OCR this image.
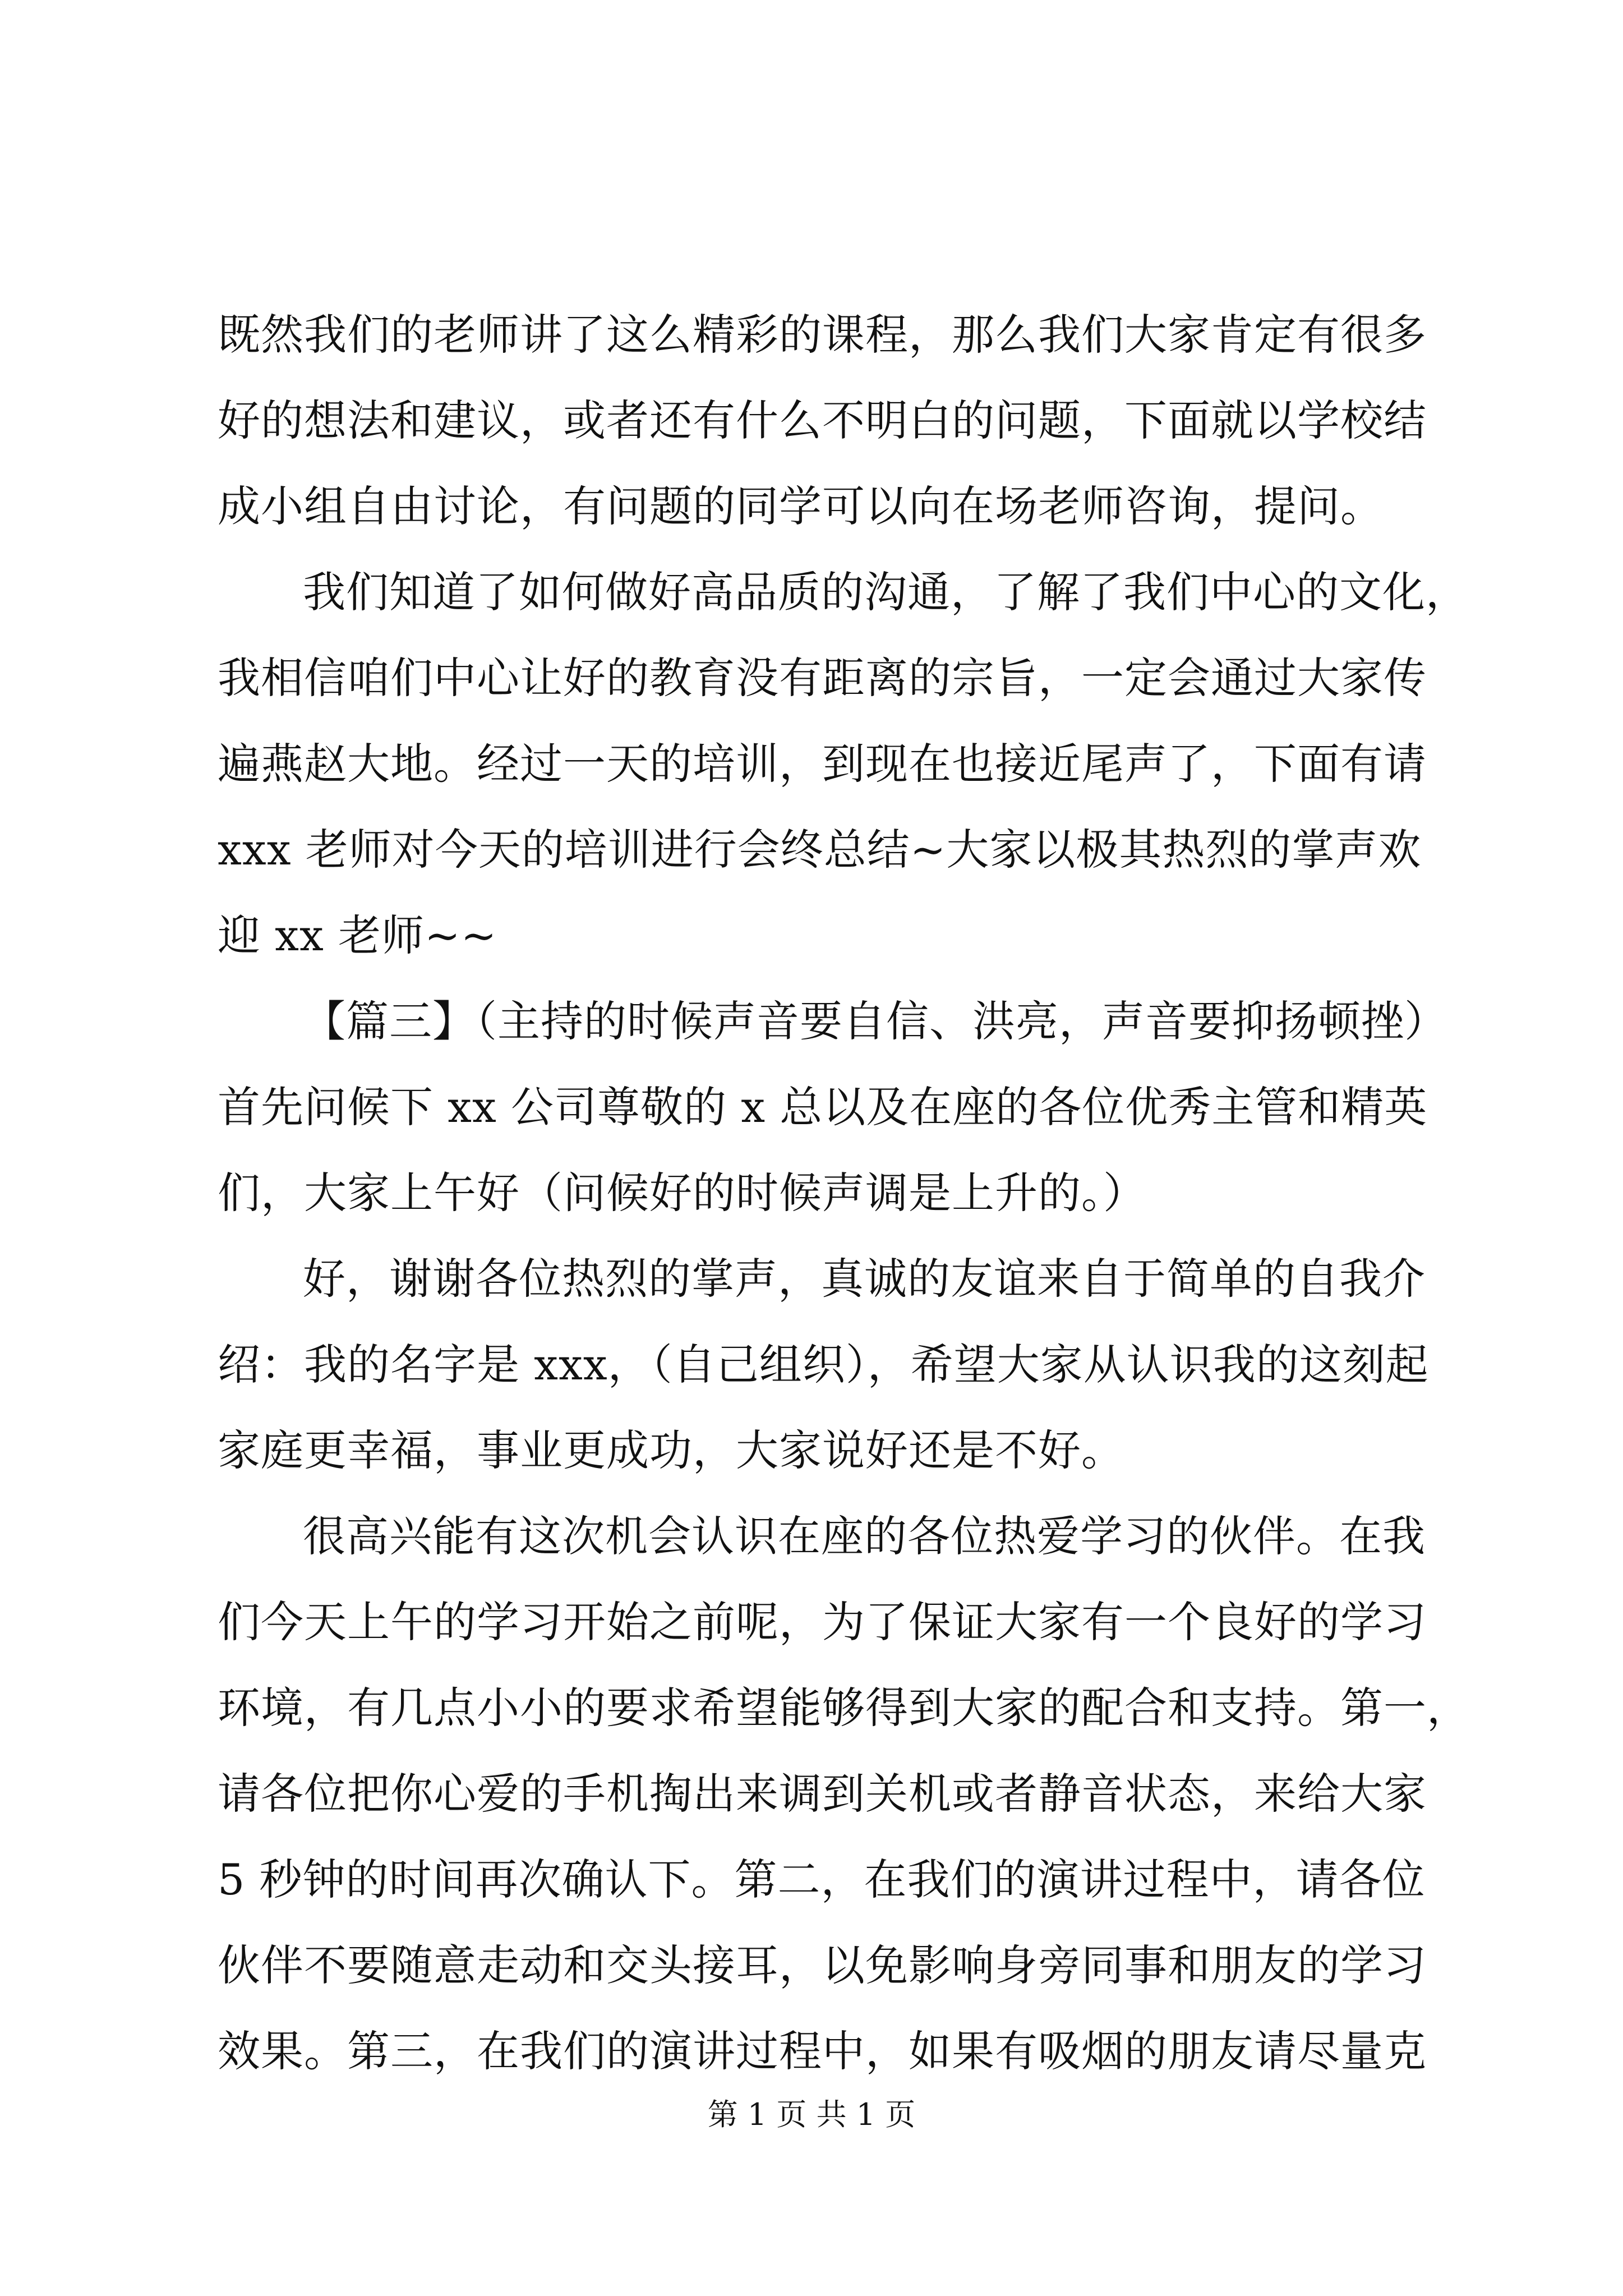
既然我们的老师讲了这么精彩的课程，那么我们大家肯定有很多
好的想法和建议，或者还有什么不明白的问题，下面就以学校结
成小组自由讨论，有问题的同学可以向在场老师咨询，提问。
我们知道了如何做好高品质的沟通，了解了我们中心的文化，
我相信咱们中心让好的教育没有距离的宗旨，一定会通过大家传
遍燕赵大地。经过一天的培训，到现在也接近尾声了，下面有请
xxx 老师对今天的培训进行会终总结~大家以极其热烈的掌声欢
迎 xx 老师~~
【篇三】（主持的时候声音要自信、洪亮，声音要抑扬顿挫）
首先问候下 xx 公司尊敬的 x 总以及在座的各位优秀主管和精英
们，大家上午好（问候好的时候声调是上升的。）
好，谢谢各位热烈的掌声，真诚的友谊来自于简单的自我介
绍：我的名字是 xxx，（自己组织），希望大家从认识我的这刻起
家庭更幸福，事业更成功，大家说好还是不好。
很高兴能有这次机会认识在座的各位热爱学习的伙伴。在我
们今天上午的学习开始之前呢，为了保证大家有一个良好的学习
环境，有几点小小的要求希望能够得到大家的配合和支持。第一，
请各位把你心爱的手机掏出来调到关机或者静音状态，来给大家
5 秒钟的时间再次确认下。第二，在我们的演讲过程中，请各位
伙伴不要随意走动和交头接耳，以免影响身旁同事和朋友的学习
效果。第三，在我们的演讲过程中，如果有吸烟的朋友请尽量克
第 1 页 共 1 页
